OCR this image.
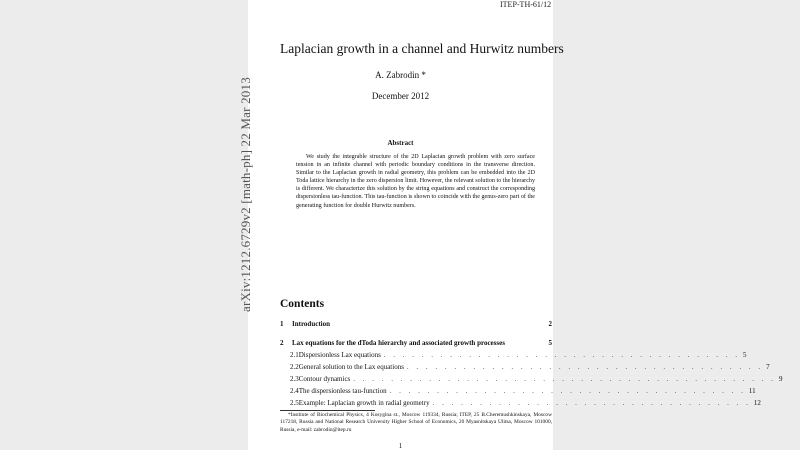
ITEP-TH-61/12
arXiv:1212.6729v2 [math-ph] 22 Mar 2013
Laplacian growth in a channel and Hurwitz numbers
A. Zabrodin *
December 2012
Abstract
We study the integrable structure of the 2D Laplacian growth problem with zero surface tension in an infinite channel with periodic boundary conditions in the transverse direction. Similar to the Laplacian growth in radial geometry, this problem can be embedded into the 2D Toda lattice hierarchy in the zero dispersion limit. However, the relevant solution to the hierarchy is different. We characterize this solution by the string equations and construct the corresponding dispersionless tau-function. This tau-function is shown to coincide with the genus-zero part of the generating function for double Hurwitz numbers.
Contents
1	Introduction	2
2	Lax equations for the dToda hierarchy and associated growth processes	5
2.1 Dispersionless Lax equations . . . . . . . . . . . . . . . . . . . . . . . . . . . . . . . . . . . . . . 5
2.2 General solution to the Lax equations . . . . . . . . . . . . . . . . . . . . . . . . . . . . . . . . . . . . . . 7
2.3 Contour dynamics . . . . . . . . . . . . . . . . . . . . . . . . . . . . . . . . . . . . . . . . . . . . . 9
2.4 The dispersionless tau-function . . . . . . . . . . . . . . . . . . . . . . . . . . . . . . . . . . . . . . 11
2.5 Example: Laplacian growth in radial geometry . . . . . . . . . . . . . . . . . . . . . . . . . . . . . . . . . . 12
*Institute of Biochemical Physics, 4 Kosygina st., Moscow 119334, Russia; ITEP, 25 B.Cheremushkinskaya, Moscow 117218, Russia and National Research University Higher School of Economics, 20 Myasnitskaya Ulitsa, Moscow 101000, Russia, e-mail: zabrodin@itep.ru
1
